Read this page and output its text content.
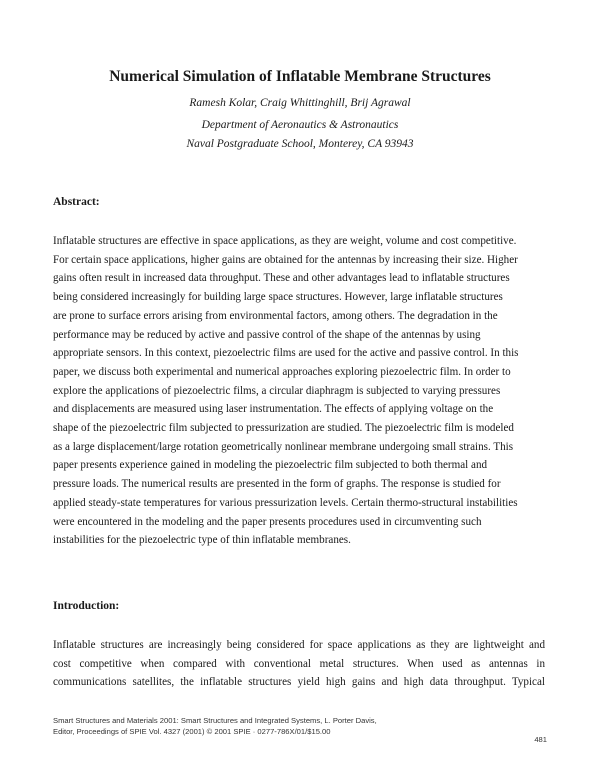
Numerical Simulation of Inflatable Membrane Structures
Ramesh Kolar, Craig Whittinghill, Brij Agrawal
Department of Aeronautics & Astronautics
Naval Postgraduate School, Monterey, CA 93943
Abstract:
Inflatable structures are effective in space applications, as they are weight, volume and cost competitive.
For certain space applications, higher gains are obtained for the antennas by increasing their size. Higher
gains often result in increased data throughput. These and other advantages lead to inflatable structures
being considered increasingly for building large space structures. However, large inflatable structures
are prone to surface errors arising from environmental factors, among others. The degradation in the
performance may be reduced by active and passive control of the shape of the antennas by using
appropriate sensors. In this context, piezoelectric films are used for the active and passive control. In this
paper, we discuss both experimental and numerical approaches exploring piezoelectric film. In order to
explore the applications of piezoelectric films, a circular diaphragm is subjected to varying pressures
and displacements are measured using laser instrumentation. The effects of applying voltage on the
shape of the piezoelectric film subjected to pressurization are studied. The piezoelectric film is modeled
as a large displacement/large rotation geometrically nonlinear membrane undergoing small strains. This
paper presents experience gained in modeling the piezoelectric film subjected to both thermal and
pressure loads. The numerical results are presented in the form of graphs. The response is studied for
applied steady-state temperatures for various pressurization levels. Certain thermo-structural instabilities
were encountered in the modeling and the paper presents procedures used in circumventing such
instabilities for the piezoelectric type of thin inflatable membranes.
Introduction:
Inflatable structures are increasingly being considered for space applications as they are lightweight and
cost competitive when compared with conventional metal structures. When used as antennas in
communications satellites, the inflatable structures yield high gains and high data throughput. Typical
Smart Structures and Materials 2001: Smart Structures and Integrated Systems, L. Porter Davis,
Editor, Proceedings of SPIE Vol. 4327 (2001) © 2001 SPIE · 0277-786X/01/$15.00
481
